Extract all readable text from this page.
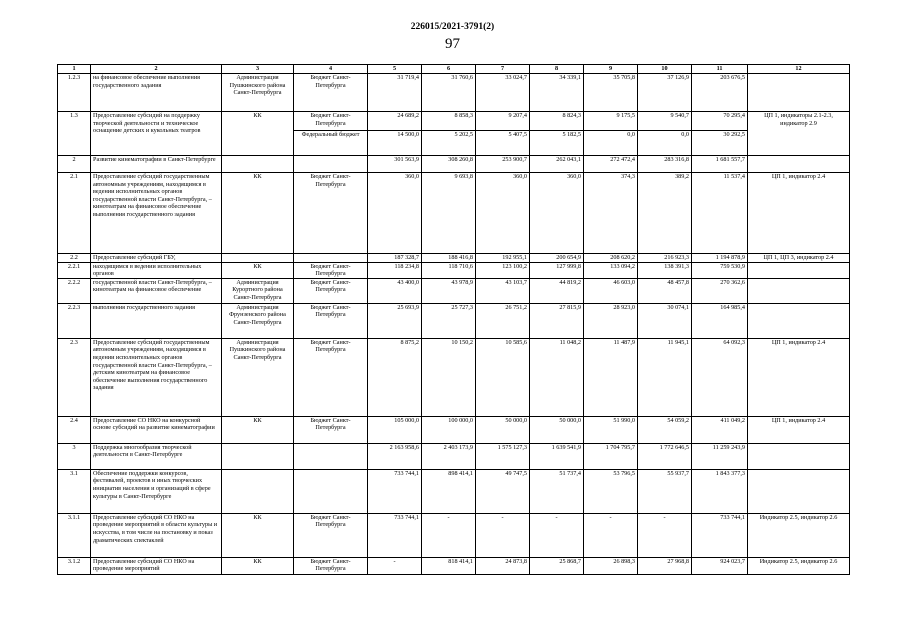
226015/2021-3791(2)
97
1	2	3	4	5	6	7	8	9	10	11	12
1.2.3	на финансовое обеспечение выполнения государственного задания	Администрация Пушкинского района Санкт-Петербурга	Бюджет Санкт-Петербурга	31 719,4	31 760,6	33 024,7	34 339,1	35 705,8	37 126,9	203 676,5	
1.3	Предоставление субсидий на поддержку творческой деятельности и техническое оснащение детских и кукольных театров	КК	Бюджет Санкт-Петербурга	24 689,2	8 858,3	9 207,4	8 824,3	9 175,5	9 540,7	70 295,4	ЦП 1, индикаторы 2.1-2.3, индикатор 2.9
			Федеральный бюджет	14 500,0	5 202,5	5 407,5	5 182,5	0,0	0,0	30 292,5	
2	Развитие кинематографии в Санкт-Петербурге			301 563,9	308 260,8	253 900,7	262 043,1	272 472,4	283 316,8	1 681 557,7	
2.1	Предоставление субсидий государственным автономным учреждениям, находящимся в ведении исполнительных органов государственной власти Санкт-Петербурга, – кинотеатрам на финансовое обеспечение выполнения государственного задания	КК	Бюджет Санкт-Петербурга	360,0	9 693,8	360,0	360,0	374,3	389,2	11 537,4	ЦП 1, индикатор 2.4
2.2	Предоставление субсидий ГБУ,			187 328,7	188 416,8	192 955,1	200 654,9	208 620,2	216 923,3	1 194 878,9	ЦП 1, ЦП 3, индикатор 2.4
2.2.1	находящимся в ведении исполнительных органов	КК	Бюджет Санкт-Петербурга	118 234,8	118 710,6	123 100,2	127 999,8	133 094,2	138 391,3	759 530,9	
2.2.2	государственной власти Санкт-Петербурга, – кинотеатрам на финансовое обеспечение	Администрация Курортного района Санкт-Петербурга	Бюджет Санкт-Петербурга	43 400,0	43 978,9	43 103,7	44 819,2	46 603,0	48 457,8	270 362,6	
2.2.3	выполнения государственного задания	Администрация Фрунзенского района Санкт-Петербурга	Бюджет Санкт-Петербурга	25 693,9	25 727,3	26 751,2	27 815,9	28 923,0	30 074,1	164 985,4	
2.3	Предоставление субсидий государственным автономным учреждениям, находящимся в ведении исполнительных органов государственной власти Санкт-Петербурга, – детским кинотеатрам на финансовое обеспечение выполнения государственного задания	Администрация Пушкинского района Санкт-Петербурга	Бюджет Санкт-Петербурга	8 875,2	10 150,2	10 585,6	11 048,2	11 487,9	11 945,1	64 092,3	ЦП 1, индикатор 2.4
2.4	Предоставление СО НКО на конкурсной основе субсидий на развитие кинематографии	КК	Бюджет Санкт-Петербурга	105 000,0	100 000,0	50 000,0	50 000,0	51 990,0	54 059,2	411 049,2	ЦП 1, индикатор 2.4
3	Поддержка многообразия творческой деятельности в Санкт-Петербурге			2 163 958,6	2 403 173,9	1 575 127,3	1 639 541,9	1 704 795,7	1 772 646,5	11 259 243,9	
3.1	Обеспечение поддержки конкурсов, фестивалей, проектов и иных творческих инициатив населения и организаций в сфере культуры в Санкт-Петербурге			733 744,1	898 414,1	49 747,5	51 737,4	53 796,5	55 937,7	1 843 377,3	
3.1.1	Предоставление субсидий СО НКО на проведение мероприятий в области культуры и искусства, в том числе на постановку и показ драматических спектаклей	КК	Бюджет Санкт-Петербурга	733 744,1	-	-	-	-	-	733 744,1	Индикатор 2.5, индикатор 2.6
3.1.2	Предоставление субсидий СО НКО на проведение мероприятий	КК	Бюджет Санкт-Петербурга	-	818 414,1	24 873,8	25 868,7	26 898,3	27 968,8	924 023,7	Индикатор 2.5, индикатор 2.6
